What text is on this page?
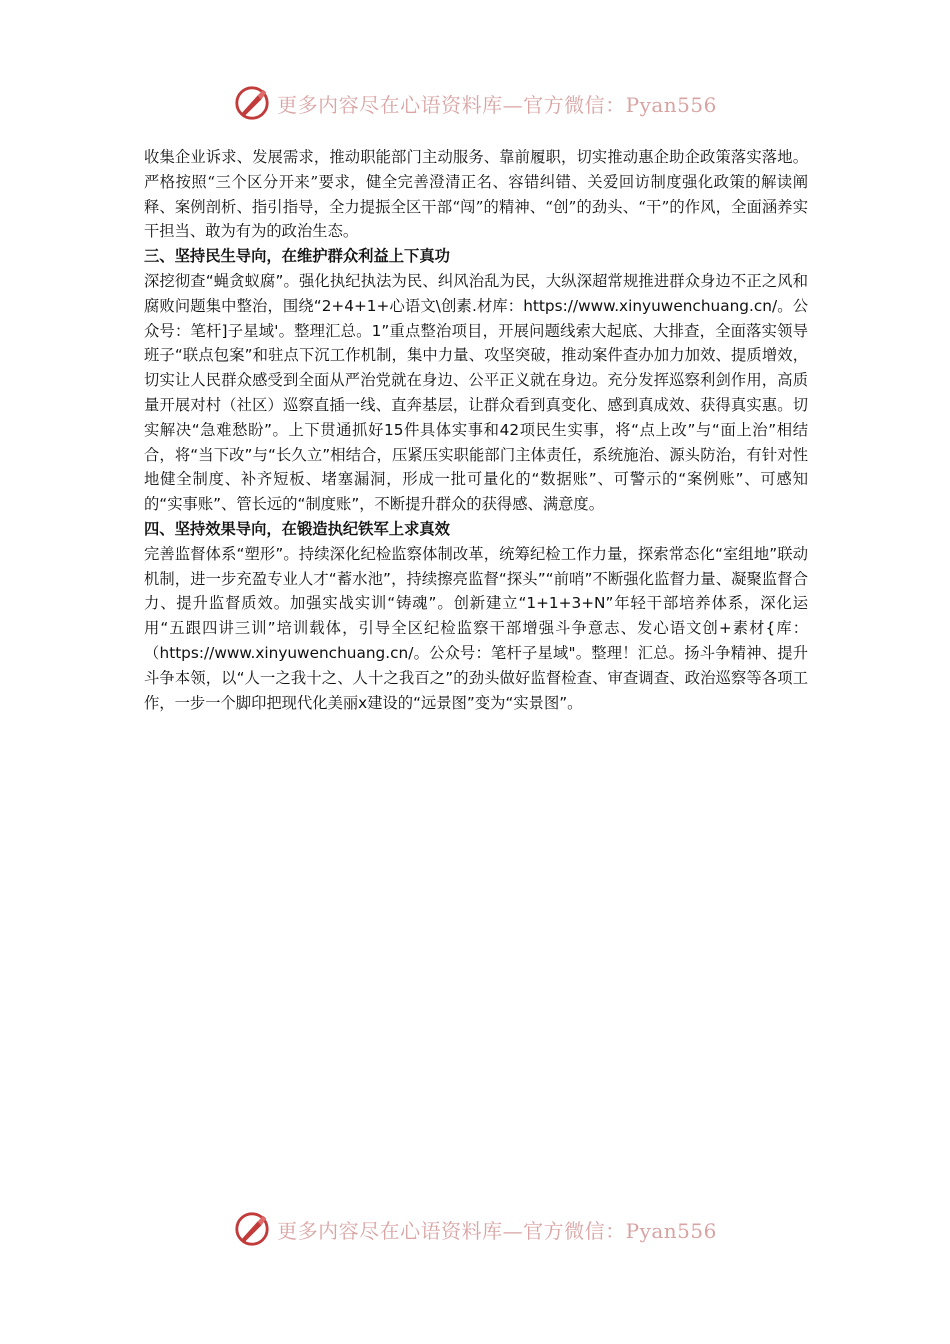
更多内容尽在心语资料库—官方微信：Pyan556

收集企业诉求、发展需求，推动职能部门主动服务、靠前履职，切实推动惠企助企政策落实落地。严格按照“三个区分开来”要求，健全完善澄清正名、容错纠错、关爱回访制度强化政策的解读阐释、案例剖析、指引指导，全力提振全区干部“闯”的精神、“创”的劲头、“干”的作风，全面涵养实干担当、敢为有为的政治生态。

三、坚持民生导向，在维护群众利益上下真功

深挖彻查“蝇贪蚁腐”。强化执纪执法为民、纠风治乱为民，大纵深超常规推进群众身边不正之风和腐败问题集中整治，围绕“2+4+1+心语文\创素.材库：https://www.xinyuwenchuang.cn/。公众号：笔杆]子星域'。整理汇总。1”重点整治项目，开展问题线索大起底、大排查，全面落实领导班子“联点包案”和驻点下沉工作机制，集中力量、攻坚突破，推动案件查办加力加效、提质增效，切实让人民群众感受到全面从严治党就在身边、公平正义就在身边。充分发挥巡察利剑作用，高质量开展对村（社区）巡察直插一线、直奔基层，让群众看到真变化、感到真成效、获得真实惠。切实解决“急难愁盼”。上下贯通抓好15件具体实事和42项民生实事，将“点上改”与“面上治”相结合，将“当下改”与“长久立”相结合，压紧压实职能部门主体责任，系统施治、源头防治，有针对性地健全制度、补齐短板、堵塞漏洞，形成一批可量化的“数据账”、可警示的“案例账”、可感知的“实事账”、管长远的“制度账”，不断提升群众的获得感、满意度。

四、坚持效果导向，在锻造执纪铁军上求真效

完善监督体系“塑形”。持续深化纪检监察体制改革，统筹纪检工作力量，探索常态化“室组地”联动机制，进一步充盈专业人才“蓄水池”，持续擦亮监督“探头”“前哨”不断强化监督力量、凝聚监督合力、提升监督质效。加强实战实训“铸魂”。创新建立“1+1+3+N”年轻干部培养体系，深化运用“五跟四讲三训”培训载体，引导全区纪检监察干部增强斗争意志、发心语文创+素材{库：（https://www.xinyuwenchuang.cn/。公众号：笔杆子星域"。整理！汇总。扬斗争精神、提升斗争本领，以“人一之我十之、人十之我百之”的劲头做好监督检查、审查调查、政治巡察等各项工作，一步一个脚印把现代化美丽x建设的“远景图”变为“实景图”。

更多内容尽在心语资料库—官方微信：Pyan556
